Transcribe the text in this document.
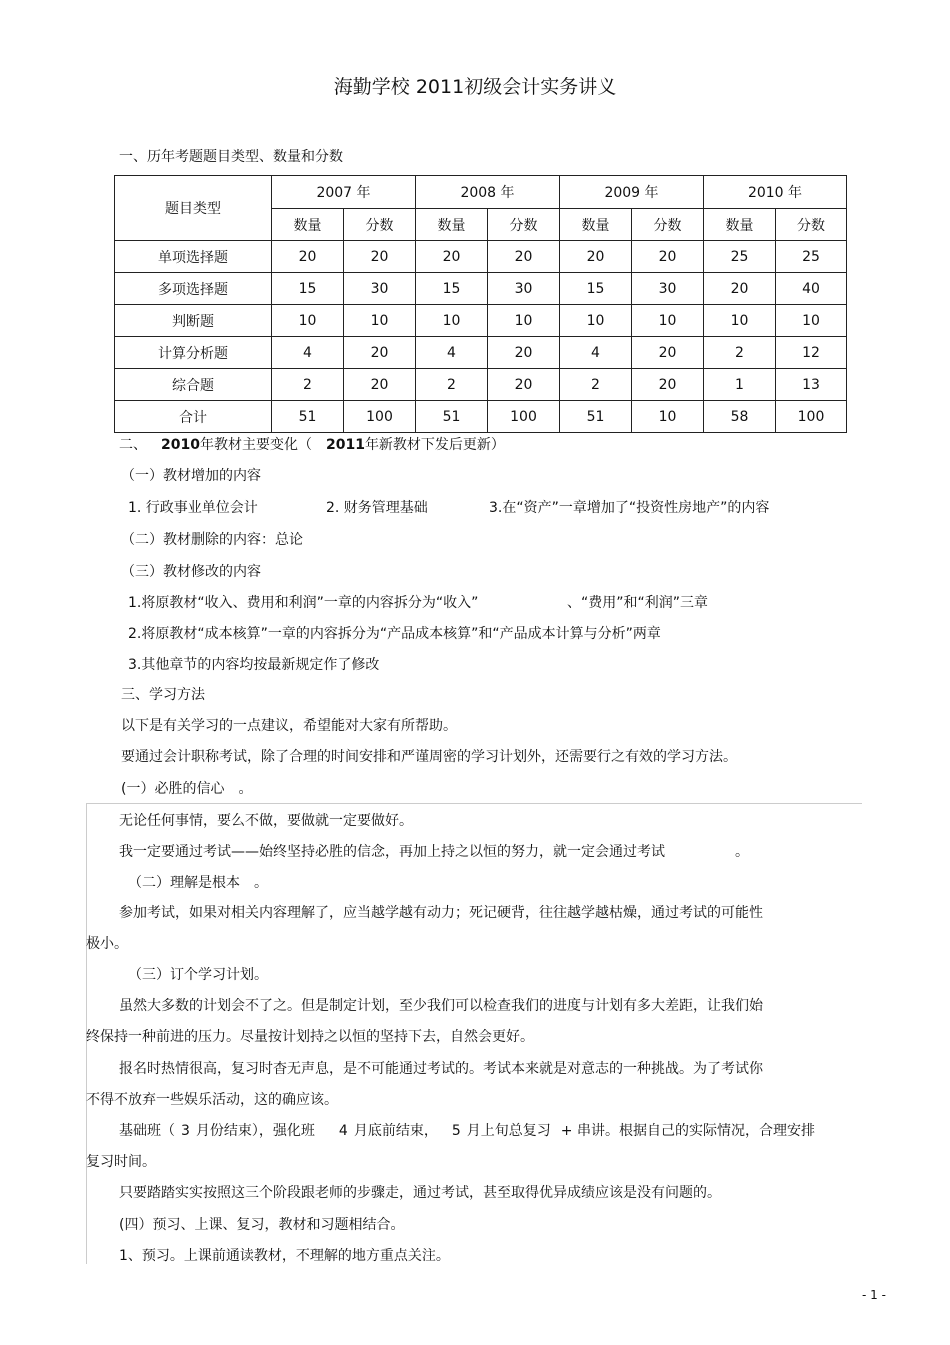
海勤学校 2011初级会计实务讲义
一、历年考题题目类型、数量和分数
题目类型	2007 年		2008 年		2009 年		2010 年	
	数量	分数	数量	分数	数量	分数	数量	分数
单项选择题	20	20	20	20	20	20	25	25
多项选择题	15	30	15	30	15	30	20	40
判断题	10	10	10	10	10	10	10	10
计算分析题	4	20	4	20	4	20	2	12
综合题	2	20	2	20	2	20	1	13
合计	51	100	51	100	51	10	58	100
二、 2010年教材主要变化（ 2011年新教材下发后更新）
（一）教材增加的内容
1. 行政事业单位会计	2. 财务管理基础	3.在“资产”一章增加了“投资性房地产”的内容
（二）教材删除的内容：总论
（三）教材修改的内容
1.将原教材“收入、费用和利润”一章的内容拆分为“收入”	、“费用”和“利润”三章
2.将原教材“成本核算”一章的内容拆分为“产品成本核算”和“产品成本计算与分析”两章
3.其他章节的内容均按最新规定作了修改
三、学习方法
以下是有关学习的一点建议，希望能对大家有所帮助。
要通过会计职称考试，除了合理的时间安排和严谨周密的学习计划外，还需要行之有效的学习方法。
(一）必胜的信心 。
无论任何事情，要么不做，要做就一定要做好。
我一定要通过考试——始终坚持必胜的信念，再加上持之以恒的努力，就一定会通过考试	。
（二）理解是根本 。
参加考试，如果对相关内容理解了，应当越学越有动力；死记硬背，往往越学越枯燥，通过考试的可能性
极小。
（三）订个学习计划。
虽然大多数的计划会不了之。但是制定计划，至少我们可以检查我们的进度与计划有多大差距，让我们始
终保持一种前进的压力。尽量按计划持之以恒的坚持下去，自然会更好。
报名时热情很高，复习时杳无声息，是不可能通过考试的。考试本来就是对意志的一种挑战。为了考试你
不得不放弃一些娱乐活动，这的确应该。
基础班（ 3 月份结束），强化班 4 月底前结束， 5 月上旬总复习 + 串讲。根据自己的实际情况，合理安排
复习时间。
只要踏踏实实按照这三个阶段跟老师的步骤走，通过考试，甚至取得优异成绩应该是没有问题的。
(四）预习、上课、复习，教材和习题相结合。
1、预习。上课前通读教材，不理解的地方重点关注。
- 1 -
